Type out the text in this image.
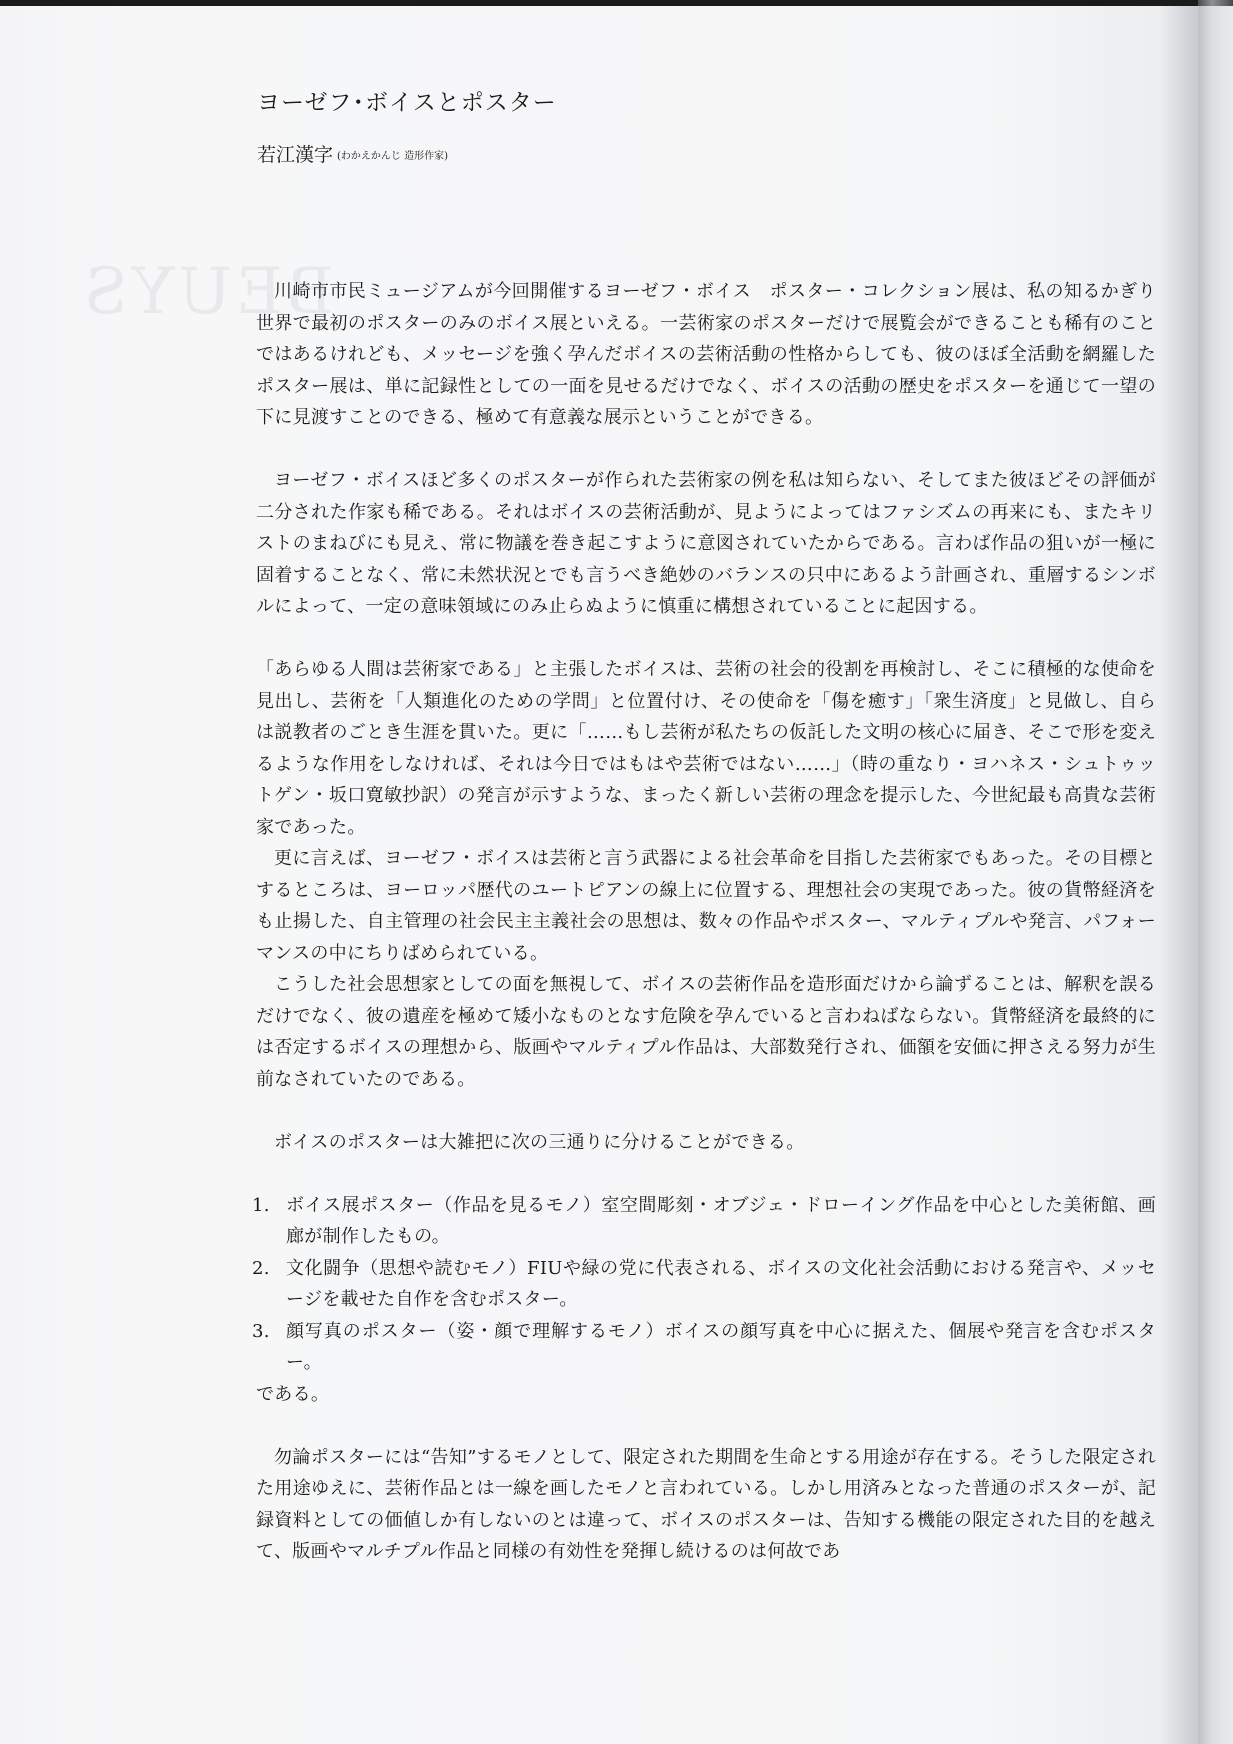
BEUYS
ヨーゼフ･ボイスとポスター
若江漢字 (わかえかんじ 造形作家)

川崎市市民ミュージアムが今回開催するヨーゼフ・ボイス　ポスター・コレクション展は、私の知るかぎり世界で最初のポスターのみのボイス展といえる。一芸術家のポスターだけで展覧会ができることも稀有のことではあるけれども、メッセージを強く孕んだボイスの芸術活動の性格からしても、彼のほぼ全活動を網羅したポスター展は、単に記録性としての一面を見せるだけでなく、ボイスの活動の歴史をポスターを通じて一望の下に見渡すことのできる、極めて有意義な展示ということができる。

ヨーゼフ・ボイスほど多くのポスターが作られた芸術家の例を私は知らない、そしてまた彼ほどその評価が二分された作家も稀である。それはボイスの芸術活動が、見ようによってはファシズムの再来にも、またキリストのまねびにも見え、常に物議を巻き起こすように意図されていたからである。言わば作品の狙いが一極に固着することなく、常に未然状況とでも言うべき絶妙のバランスの只中にあるよう計画され、重層するシンボルによって、一定の意味領域にのみ止らぬように慎重に構想されていることに起因する。

「あらゆる人間は芸術家である」と主張したボイスは、芸術の社会的役割を再検討し、そこに積極的な使命を見出し、芸術を「人類進化のための学問」と位置付け、その使命を「傷を癒す」「衆生済度」と見做し、自らは説教者のごとき生涯を貫いた。更に「……もし芸術が私たちの仮託した文明の核心に届き、そこで形を変えるような作用をしなければ、それは今日ではもはや芸術ではない……」（時の重なり・ヨハネス・シュトゥットゲン・坂口寛敏抄訳）の発言が示すような、まったく新しい芸術の理念を提示した、今世紀最も高貴な芸術家であった。

更に言えば、ヨーゼフ・ボイスは芸術と言う武器による社会革命を目指した芸術家でもあった。その目標とするところは、ヨーロッパ歴代のユートピアンの線上に位置する、理想社会の実現であった。彼の貨幣経済をも止揚した、自主管理の社会民主主義社会の思想は、数々の作品やポスター、マルティプルや発言、パフォーマンスの中にちりばめられている。

こうした社会思想家としての面を無視して、ボイスの芸術作品を造形面だけから論ずることは、解釈を誤るだけでなく、彼の遺産を極めて矮小なものとなす危険を孕んでいると言わねばならない。貨幣経済を最終的には否定するボイスの理想から、版画やマルティプル作品は、大部数発行され、価額を安価に押さえる努力が生前なされていたのである。

ボイスのポスターは大雑把に次の三通りに分けることができる。

1. ボイス展ポスター（作品を見るモノ）室空間彫刻・オブジェ・ドローイング作品を中心とした美術館、画廊が制作したもの。
2. 文化闘争（思想や読むモノ）FIUや緑の党に代表される、ボイスの文化社会活動における発言や、メッセージを載せた自作を含むポスター。
3. 顔写真のポスター（姿・顔で理解するモノ）ボイスの顔写真を中心に据えた、個展や発言を含むポスター。

である。

勿論ポスターには“告知”するモノとして、限定された期間を生命とする用途が存在する。そうした限定された用途ゆえに、芸術作品とは一線を画したモノと言われている。しかし用済みとなった普通のポスターが、記録資料としての価値しか有しないのとは違って、ボイスのポスターは、告知する機能の限定された目的を越えて、版画やマルチプル作品と同様の有効性を発揮し続けるのは何故であ
